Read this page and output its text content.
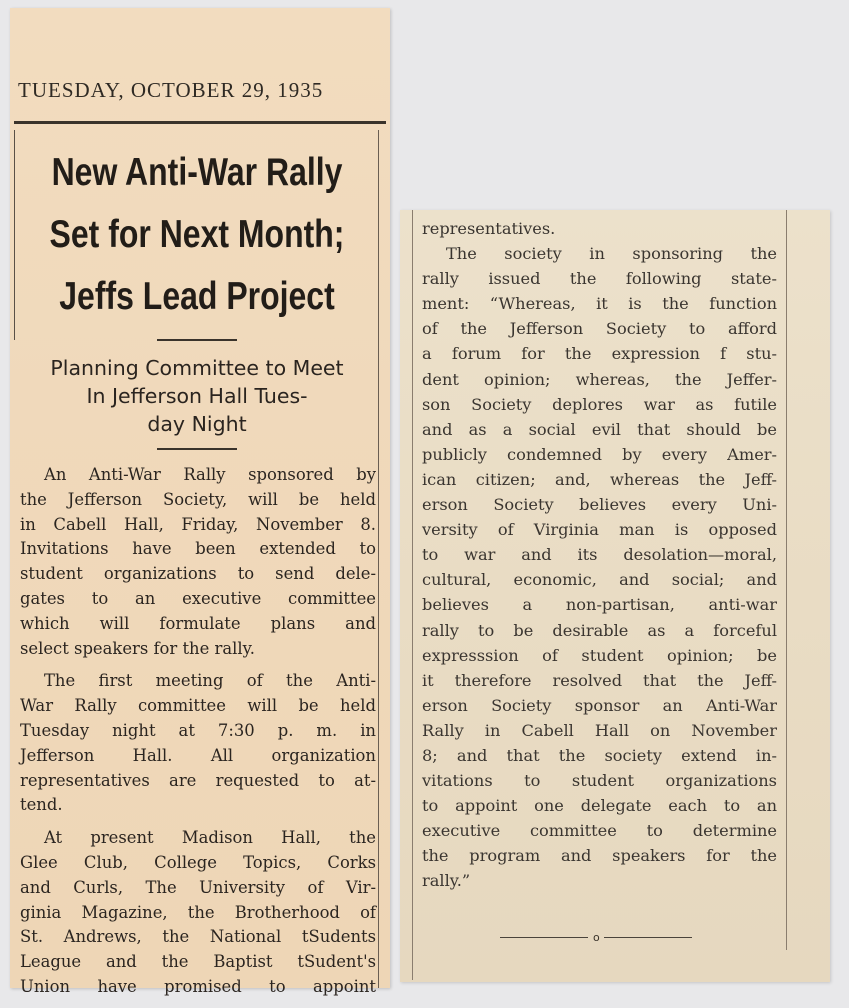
TUESDAY, OCTOBER 29, 1935
New Anti-War Rally
Set for Next Month;
Jeffs Lead Project
Planning Committee to Meet
In Jefferson Hall Tues-
day Night

An Anti-War Rally sponsored by
the Jefferson Society, will be held
in Cabell Hall, Friday, November 8.
Invitations have been extended to
student organizations to send dele-
gates to an executive committee
which will formulate plans and
select speakers for the rally.

The first meeting of the Anti-
War Rally committee will be held
Tuesday night at 7:30 p. m. in
Jefferson Hall. All organization
representatives are requested to at-
tend.

At present Madison Hall, the
Glee Club, College Topics, Corks
and Curls, The University of Vir-
ginia Magazine, the Brotherhood of
St. Andrews, the National tSudents
League and the Baptist tSudent's
Union have promised to appoint

representatives.

The society in sponsoring the
rally issued the following state-
ment: “Whereas, it is the function
of the Jefferson Society to afford
a forum for the expression f stu-
dent opinion; whereas, the Jeffer-
son Society deplores war as futile
and as a social evil that should be
publicly condemned by every Amer-
ican citizen; and, whereas the Jeff-
erson Society believes every Uni-
versity of Virginia man is opposed
to war and its desolation—moral,
cultural, economic, and social; and
believes a non-partisan, anti-war
rally to be desirable as a forceful
expresssion of student opinion; be
it therefore resolved that the Jeff-
erson Society sponsor an Anti-War
Rally in Cabell Hall on November
8; and that the society extend in-
vitations to student organizations
to appoint one delegate each to an
executive committee to determine
the program and speakers for the
rally.”

o
